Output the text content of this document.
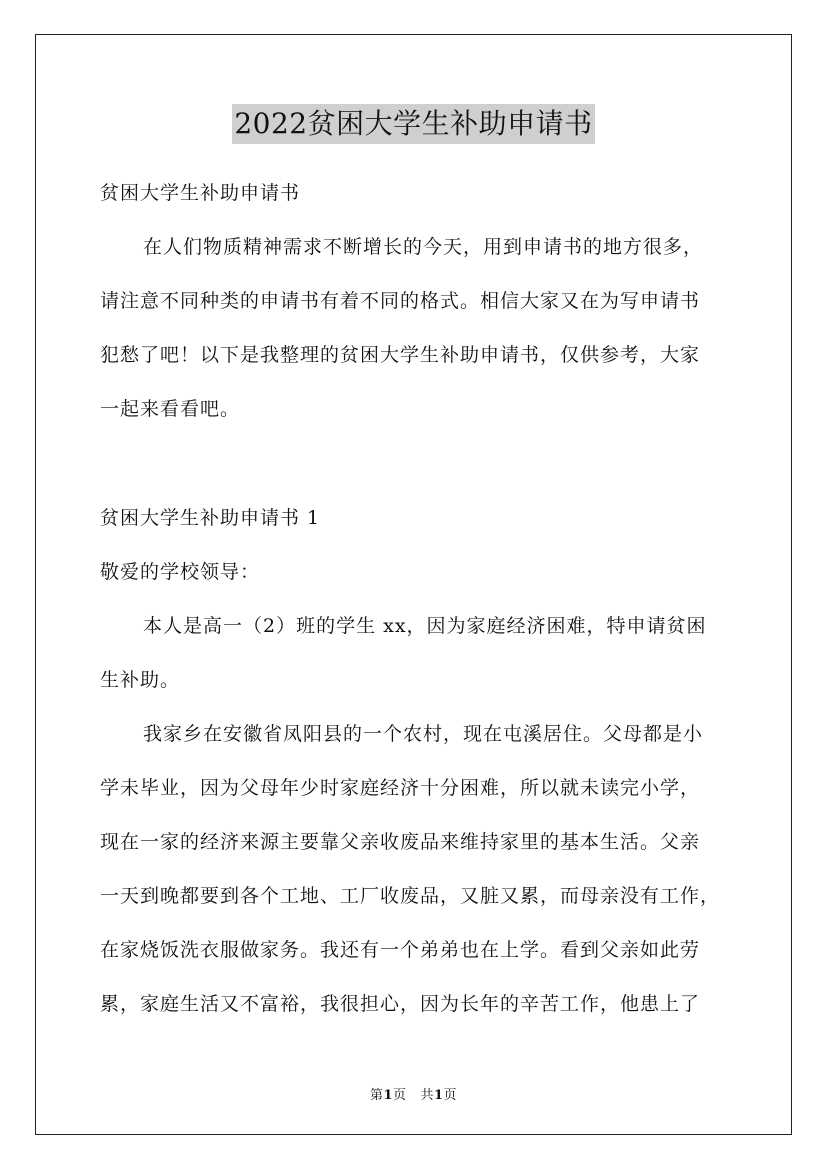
2022贫困大学生补助申请书
贫困大学生补助申请书
在人们物质精神需求不断增长的今天，用到申请书的地方很多，
请注意不同种类的申请书有着不同的格式。相信大家又在为写申请书
犯愁了吧！以下是我整理的贫困大学生补助申请书，仅供参考，大家
一起来看看吧。
贫困大学生补助申请书 1
敬爱的学校领导：
本人是高一（2）班的学生 xx，因为家庭经济困难，特申请贫困
生补助。
我家乡在安徽省凤阳县的一个农村，现在屯溪居住。父母都是小
学未毕业，因为父母年少时家庭经济十分困难，所以就未读完小学，
现在一家的经济来源主要靠父亲收废品来维持家里的基本生活。父亲
一天到晚都要到各个工地、工厂收废品，又脏又累，而母亲没有工作，
在家烧饭洗衣服做家务。我还有一个弟弟也在上学。看到父亲如此劳
累，家庭生活又不富裕，我很担心，因为长年的辛苦工作，他患上了
第1页 共1页
